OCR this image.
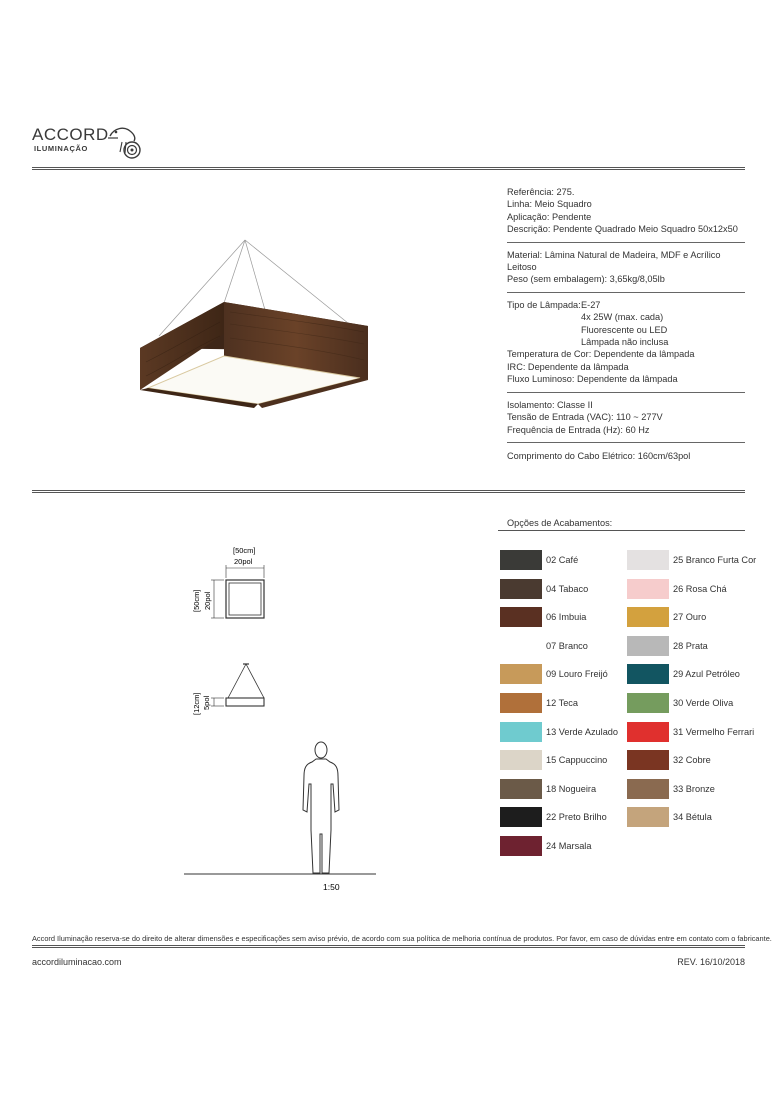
ACCORD
ILUMINAÇÃO
Referência: 275.
Linha: Meio Squadro
Aplicação: Pendente
Descrição: Pendente Quadrado Meio Squadro 50x12x50
Material: Lâmina Natural de Madeira, MDF e Acrílico Leitoso
Peso (sem embalagem): 3,65kg/8,05lb
Tipo de Lâmpada: E-27
4x 25W (max. cada)
Fluorescente ou LED
Lâmpada não inclusa
Temperatura de Cor: Dependente da lâmpada
IRC: Dependente da lâmpada
Fluxo Luminoso: Dependente da lâmpada
Isolamento: Classe II
Tensão de Entrada (VAC): 110 ~ 277V
Frequência de Entrada (Hz): 60 Hz
Comprimento do Cabo Elétrico: 160cm/63pol
[50cm]
20pol
[50cm] 20pol
[12cm] 5pol
1:50
Opções de Acabamentos:
02 Café
04 Tabaco
06 Imbuia
07 Branco
09 Louro Freijó
12 Teca
13 Verde Azulado
15 Cappuccino
18 Nogueira
22 Preto Brilho
24 Marsala
25 Branco Furta Cor
26 Rosa Chá
27 Ouro
28 Prata
29 Azul Petróleo
30 Verde Oliva
31 Vermelho Ferrari
32 Cobre
33 Bronze
34 Bétula
Accord Iluminação reserva-se do direito de alterar dimensões e especificações sem aviso prévio, de acordo com sua política de melhoria contínua de produtos. Por favor, em caso de dúvidas entre em contato com o fabricante.
accordiluminacao.com	REV. 16/10/2018
